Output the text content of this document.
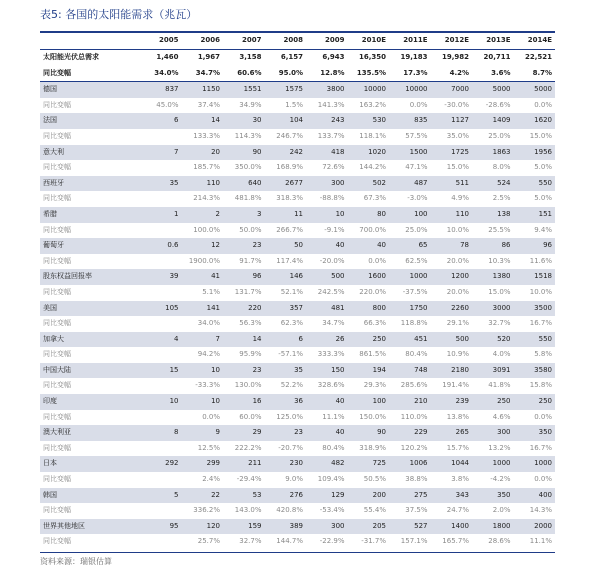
表5: 各国的太阳能需求（兆瓦）
	2005	2006	2007	2008	2009	2010E	2011E	2012E	2013E	2014E
太阳能光伏总需求	1,460	1,967	3,158	6,157	6,943	16,350	19,183	19,982	20,711	22,521
同比变幅	34.0%	34.7%	60.6%	95.0%	12.8%	135.5%	17.3%	4.2%	3.6%	8.7%
德国	837	1150	1551	1575	3800	10000	10000	7000	5000	5000
同比变幅	45.0%	37.4%	34.9%	1.5%	141.3%	163.2%	0.0%	-30.0%	-28.6%	0.0%
法国	6	14	30	104	243	530	835	1127	1409	1620
同比变幅		133.3%	114.3%	246.7%	133.7%	118.1%	57.5%	35.0%	25.0%	15.0%
意大利	7	20	90	242	418	1020	1500	1725	1863	1956
同比变幅		185.7%	350.0%	168.9%	72.6%	144.2%	47.1%	15.0%	8.0%	5.0%
西班牙	35	110	640	2677	300	502	487	511	524	550
同比变幅		214.3%	481.8%	318.3%	-88.8%	67.3%	-3.0%	4.9%	2.5%	5.0%
希腊	1	2	3	11	10	80	100	110	138	151
同比变幅		100.0%	50.0%	266.7%	-9.1%	700.0%	25.0%	10.0%	25.5%	9.4%
葡萄牙	0.6	12	23	50	40	40	65	78	86	96
同比变幅		1900.0%	91.7%	117.4%	-20.0%	0.0%	62.5%	20.0%	10.3%	11.6%
股东权益回报率	39	41	96	146	500	1600	1000	1200	1380	1518
同比变幅		5.1%	131.7%	52.1%	242.5%	220.0%	-37.5%	20.0%	15.0%	10.0%
美国	105	141	220	357	481	800	1750	2260	3000	3500
同比变幅		34.0%	56.3%	62.3%	34.7%	66.3%	118.8%	29.1%	32.7%	16.7%
加拿大	4	7	14	6	26	250	451	500	520	550
同比变幅		94.2%	95.9%	-57.1%	333.3%	861.5%	80.4%	10.9%	4.0%	5.8%
中国大陆	15	10	23	35	150	194	748	2180	3091	3580
同比变幅		-33.3%	130.0%	52.2%	328.6%	29.3%	285.6%	191.4%	41.8%	15.8%
印度	10	10	16	36	40	100	210	239	250	250
同比变幅		0.0%	60.0%	125.0%	11.1%	150.0%	110.0%	13.8%	4.6%	0.0%
澳大利亚	8	9	29	23	40	90	229	265	300	350
同比变幅		12.5%	222.2%	-20.7%	80.4%	318.9%	120.2%	15.7%	13.2%	16.7%
日本	292	299	211	230	482	725	1006	1044	1000	1000
同比变幅		2.4%	-29.4%	9.0%	109.4%	50.5%	38.8%	3.8%	-4.2%	0.0%
韩国	5	22	53	276	129	200	275	343	350	400
同比变幅		336.2%	143.0%	420.8%	-53.4%	55.4%	37.5%	24.7%	2.0%	14.3%
世界其他地区	95	120	159	389	300	205	527	1400	1800	2000
同比变幅		25.7%	32.7%	144.7%	-22.9%	-31.7%	157.1%	165.7%	28.6%	11.1%
资料来源：瑞银估算
